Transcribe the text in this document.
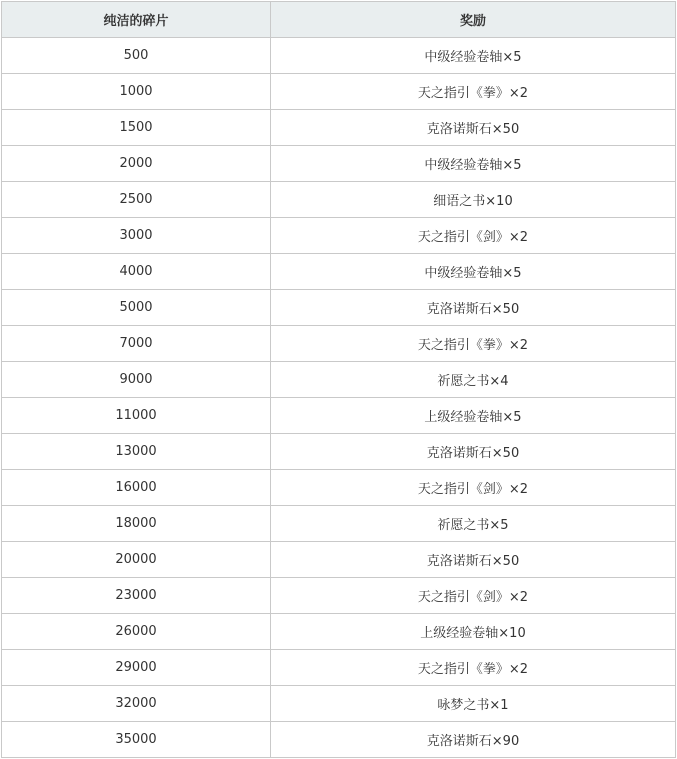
纯洁的碎片	奖励
500	中级经验卷轴×5
1000	天之指引《拳》×2
1500	克洛诺斯石×50
2000	中级经验卷轴×5
2500	细语之书×10
3000	天之指引《剑》×2
4000	中级经验卷轴×5
5000	克洛诺斯石×50
7000	天之指引《拳》×2
9000	祈愿之书×4
11000	上级经验卷轴×5
13000	克洛诺斯石×50
16000	天之指引《剑》×2
18000	祈愿之书×5
20000	克洛诺斯石×50
23000	天之指引《剑》×2
26000	上级经验卷轴×10
29000	天之指引《拳》×2
32000	咏梦之书×1
35000	克洛诺斯石×90
